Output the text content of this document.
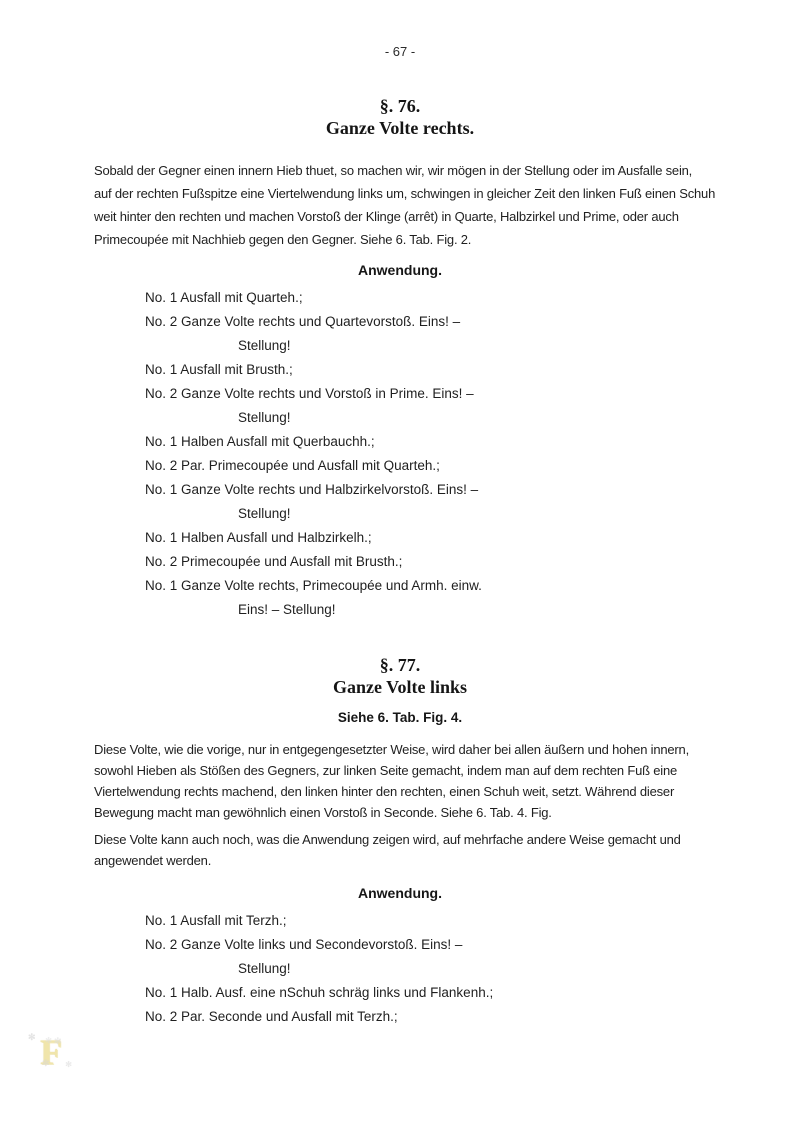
- 67 -
§. 76.
Ganze Volte rechts.
Sobald der Gegner einen innern Hieb thuet, so machen wir, wir mögen in der Stellung oder im Ausfalle sein,
auf der rechten Fußspitze eine Viertelwendung links um, schwingen in gleicher Zeit den linken Fuß einen Schuh
weit hinter den rechten und machen Vorstoß der Klinge (arrêt) in Quarte, Halbzirkel und Prime, oder auch
Primecoupée mit Nachhieb gegen den Gegner. Siehe 6. Tab. Fig. 2.
Anwendung.
No. 1 Ausfall mit Quarteh.;
No. 2 Ganze Volte rechts und Quartevorstoß. Eins! –
Stellung!
No. 1 Ausfall mit Brusth.;
No. 2 Ganze Volte rechts und Vorstoß in Prime. Eins! –
Stellung!
No. 1 Halben Ausfall mit Querbauchh.;
No. 2 Par. Primecoupée und Ausfall mit Quarteh.;
No. 1 Ganze Volte rechts und Halbzirkelvorstoß. Eins! –
Stellung!
No. 1 Halben Ausfall und Halbzirkelh.;
No. 2 Primecoupée und Ausfall mit Brusth.;
No. 1 Ganze Volte rechts, Primecoupée und Armh. einw.
Eins! – Stellung!
§. 77.
Ganze Volte links
Siehe 6. Tab. Fig. 4.
Diese Volte, wie die vorige, nur in entgegengesetzter Weise, wird daher bei allen äußern und hohen innern,
sowohl Hieben als Stößen des Gegners, zur linken Seite gemacht, indem man auf dem rechten Fuß eine
Viertelwendung rechts machend, den linken hinter den rechten, einen Schuh weit, setzt. Während dieser
Bewegung macht man gewöhnlich einen Vorstoß in Seconde. Siehe 6. Tab. 4. Fig.
Diese Volte kann auch noch, was die Anwendung zeigen wird, auf mehrfache andere Weise gemacht und
angewendet werden.
Anwendung.
No. 1 Ausfall mit Terzh.;
No. 2 Ganze Volte links und Secondevorstoß. Eins! –
Stellung!
No. 1 Halb. Ausf. eine nSchuh schräg links und Flankenh.;
No. 2 Par. Seconde und Ausfall mit Terzh.;
✻ F ✻
